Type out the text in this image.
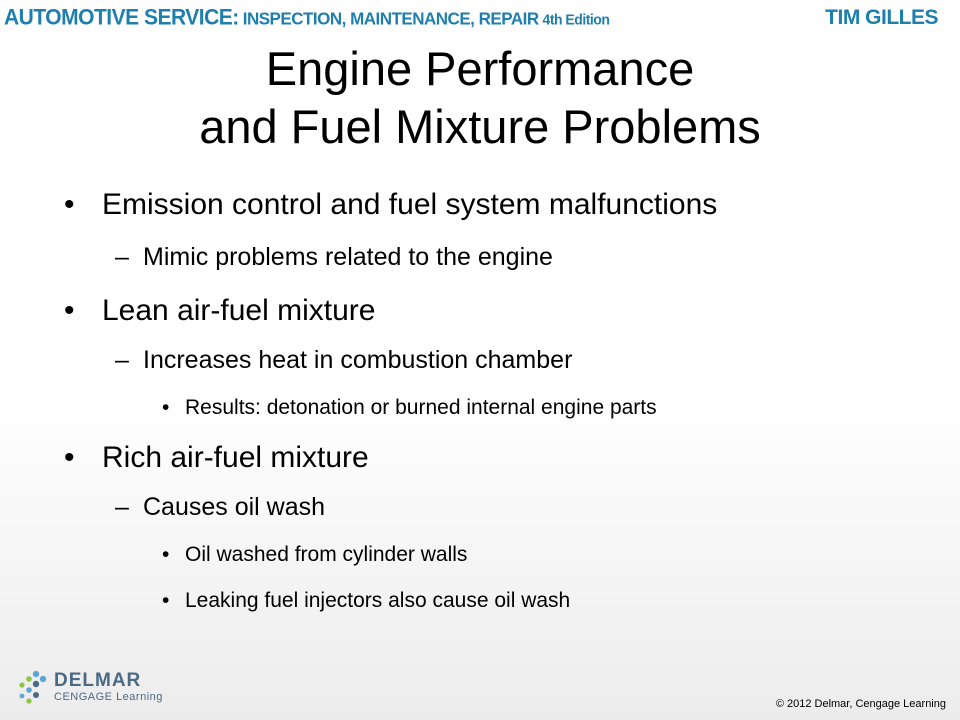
AUTOMOTIVE SERVICE: INSPECTION, MAINTENANCE, REPAIR 4th Edition	TIM GILLES
Engine Performance
and Fuel Mixture Problems
• Emission control and fuel system malfunctions
– Mimic problems related to the engine
• Lean air-fuel mixture
– Increases heat in combustion chamber
• Results: detonation or burned internal engine parts
• Rich air-fuel mixture
– Causes oil wash
• Oil washed from cylinder walls
• Leaking fuel injectors also cause oil wash
DELMAR
CENGAGE Learning
© 2012 Delmar, Cengage Learning
